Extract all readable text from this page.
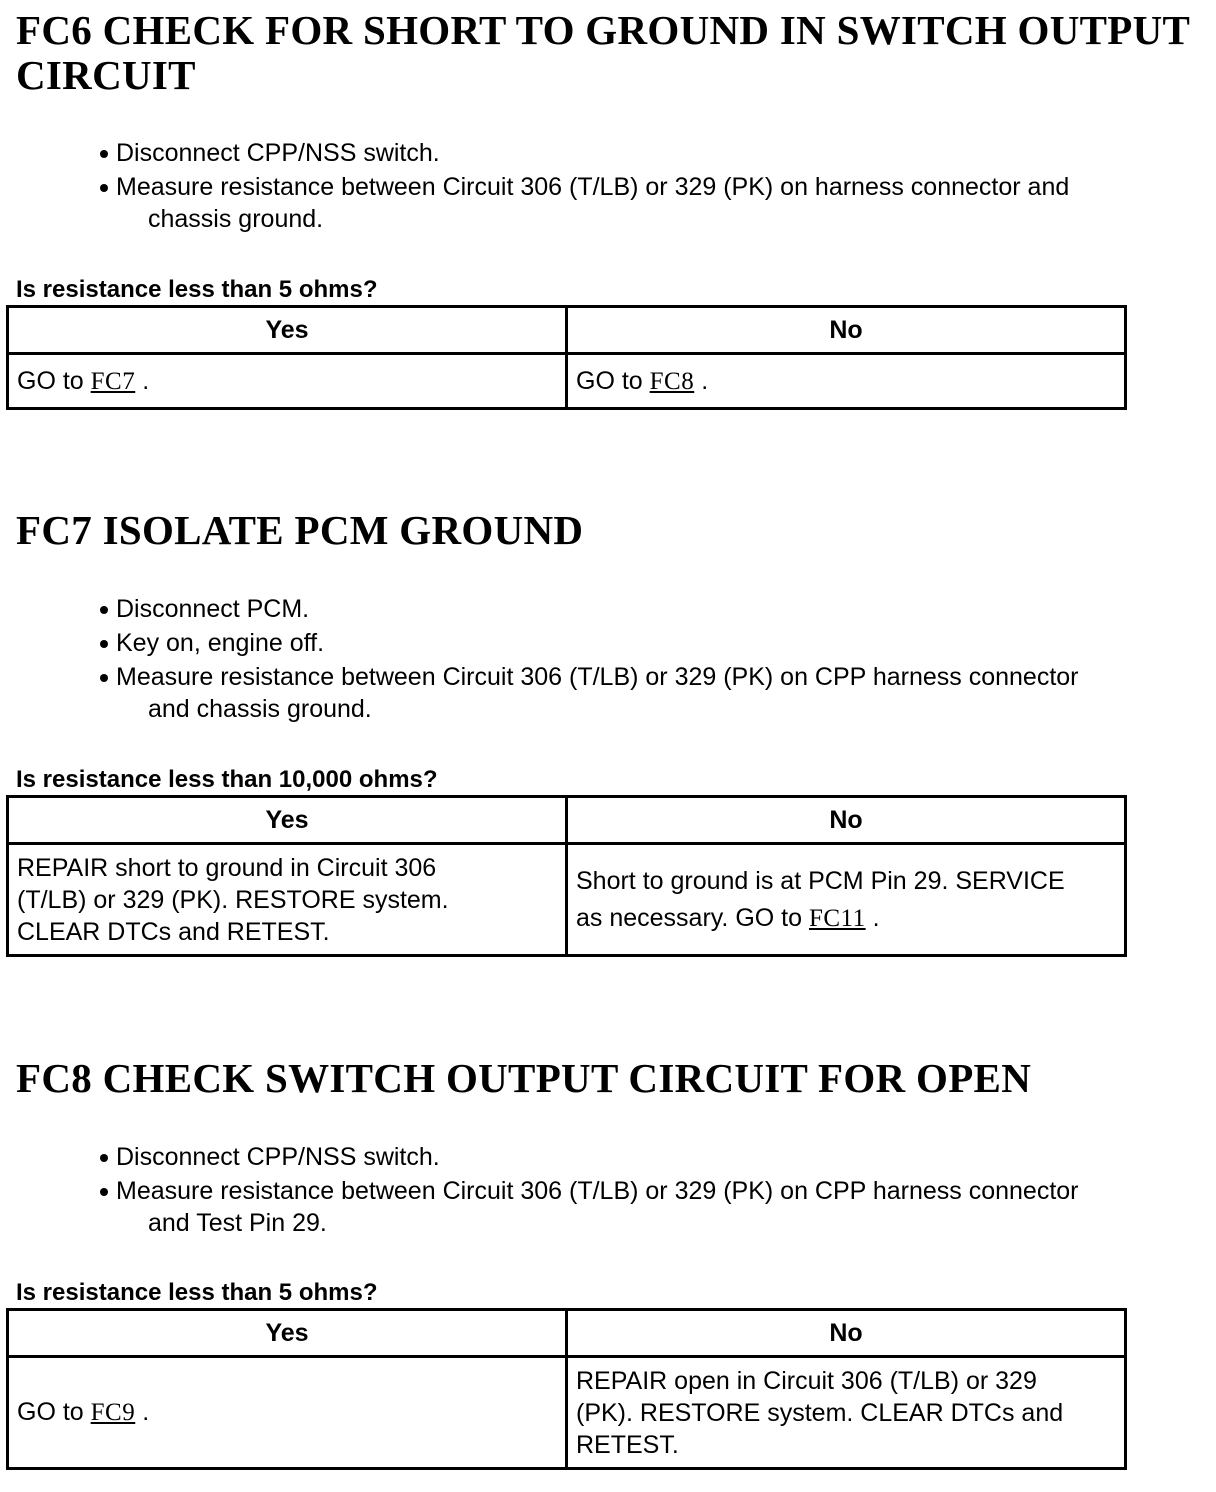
FC6 CHECK FOR SHORT TO GROUND IN SWITCH OUTPUT
CIRCUIT
Disconnect CPP/NSS switch.
Measure resistance between Circuit 306 (T/LB) or 329 (PK) on harness connector and
chassis ground.

Is resistance less than 5 ohms?

Yes	No
GO to FC7 .	GO to FC8 .
FC7 ISOLATE PCM GROUND
Disconnect PCM.
Key on, engine off.
Measure resistance between Circuit 306 (T/LB) or 329 (PK) on CPP harness connector
and chassis ground.

Is resistance less than 10,000 ohms?

Yes	No
REPAIR short to ground in Circuit 306
(T/LB) or 329 (PK). RESTORE system.
CLEAR DTCs and RETEST.	Short to ground is at PCM Pin 29. SERVICE
as necessary. GO to FC11 .
FC8 CHECK SWITCH OUTPUT CIRCUIT FOR OPEN
Disconnect CPP/NSS switch.
Measure resistance between Circuit 306 (T/LB) or 329 (PK) on CPP harness connector
and Test Pin 29.

Is resistance less than 5 ohms?

Yes	No
GO to FC9 .	REPAIR open in Circuit 306 (T/LB) or 329
(PK). RESTORE system. CLEAR DTCs and
RETEST.
